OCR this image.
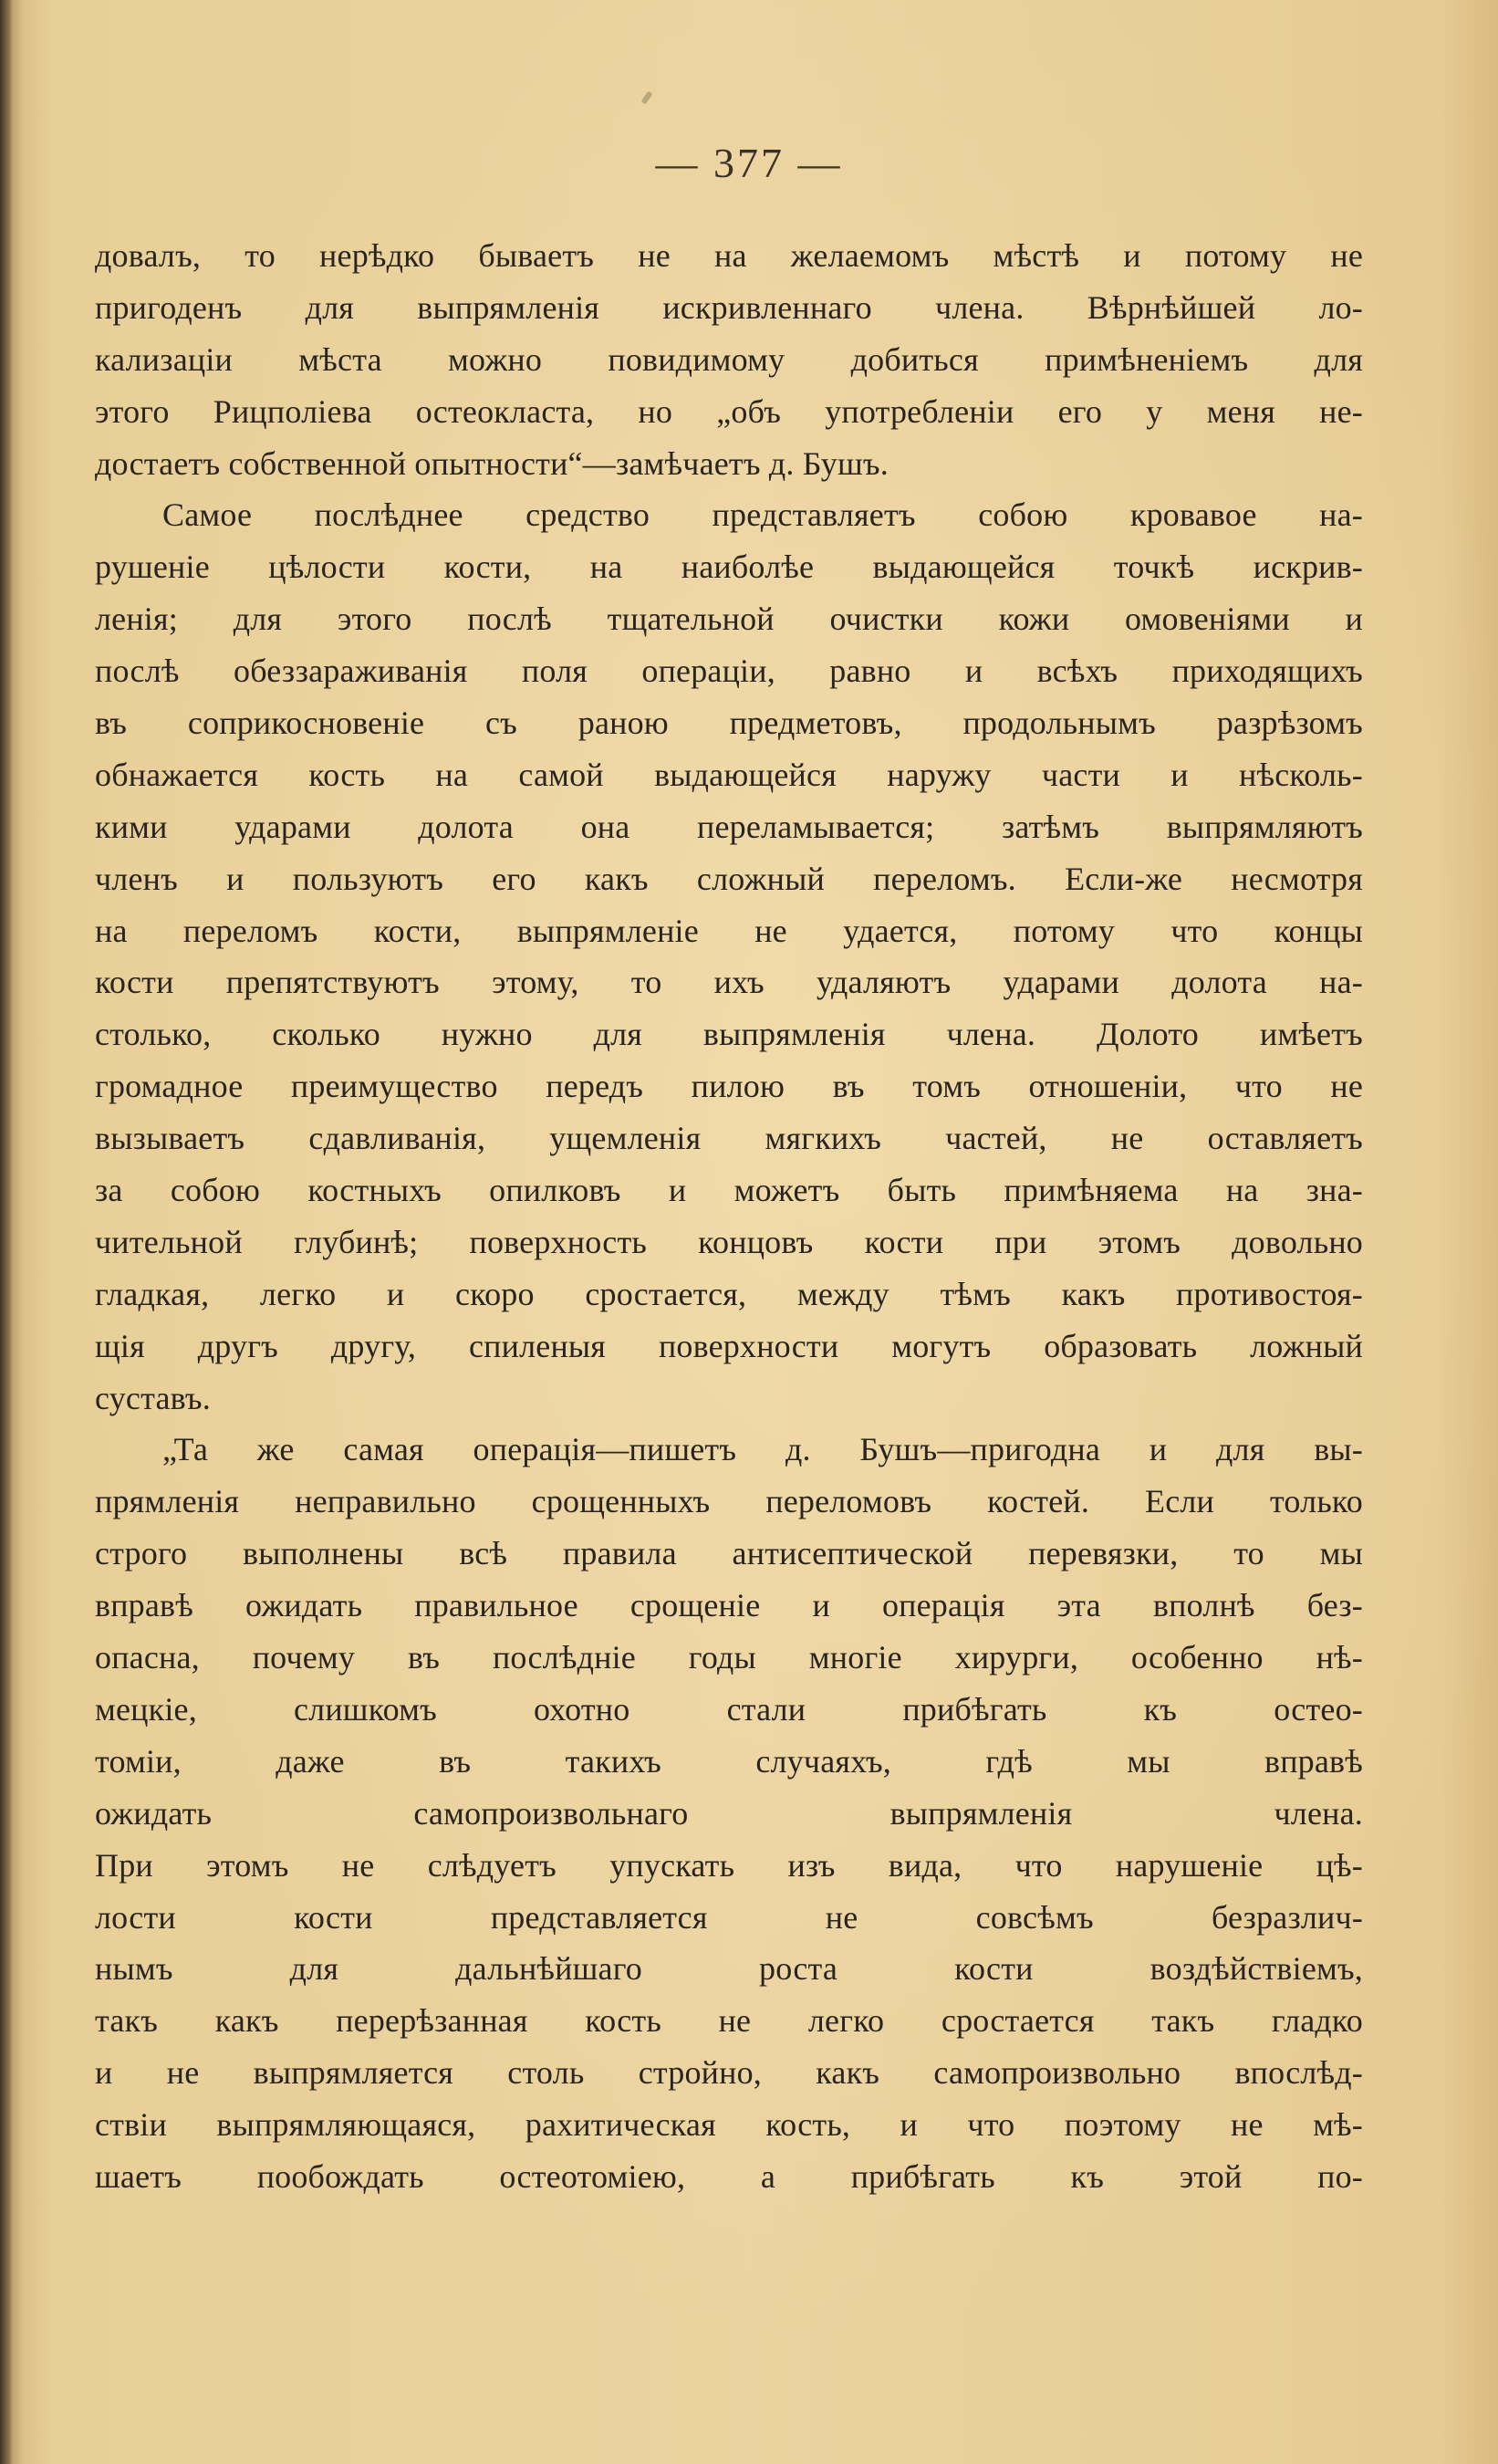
— 377 —
довалъ, то нерѣдко бываетъ не на желаемомъ мѣстѣ и потому не
пригоденъ для выпрямленія искривленнаго члена. Вѣрнѣйшей ло-
кализаціи мѣста можно повидимому добиться примѣненіемъ для
этого Рицполіева остеокласта, но „объ употребленіи его у меня не-
достаетъ собственной опытности“—замѣчаетъ д. Бушъ.
Самое послѣднее средство представляетъ собою кровавое на-
рушеніе цѣлости кости, на наиболѣе выдающейся точкѣ искрив-
ленія; для этого послѣ тщательной очистки кожи омовеніями и
послѣ обеззараживанія поля операціи, равно и всѣхъ приходящихъ
въ соприкосновеніе съ раною предметовъ, продольнымъ разрѣзомъ
обнажается кость на самой выдающейся наружу части и нѣсколь-
кими ударами долота она переламывается; затѣмъ выпрямляютъ
членъ и пользуютъ его какъ сложный переломъ. Если-же несмотря
на переломъ кости, выпрямленіе не удается, потому что концы
кости препятствуютъ этому, то ихъ удаляютъ ударами долота на-
столько, сколько нужно для выпрямленія члена. Долото имѣетъ
громадное преимущество передъ пилою въ томъ отношеніи, что не
вызываетъ сдавливанія, ущемленія мягкихъ частей, не оставляетъ
за собою костныхъ опилковъ и можетъ быть примѣняема на зна-
чительной глубинѣ; поверхность концовъ кости при этомъ довольно
гладкая, легко и скоро сростается, между тѣмъ какъ противостоя-
щія другъ другу, спиленыя поверхности могутъ образовать ложный
суставъ.
„Та же самая операція—пишетъ д. Бушъ—пригодна и для вы-
прямленія неправильно срощенныхъ переломовъ костей. Если только
строго выполнены всѣ правила антисептической перевязки, то мы
вправѣ ожидать правильное срощеніе и операція эта вполнѣ без-
опасна, почему въ послѣдніе годы многіе хирурги, особенно нѣ-
мецкіе, слишкомъ охотно стали прибѣгать къ остео-
томіи, даже въ такихъ случаяхъ, гдѣ мы вправѣ
ожидать самопроизвольнаго выпрямленія члена.
При этомъ не слѣдуетъ упускать изъ вида, что нарушеніе цѣ-
лости кости представляется не совсѣмъ безразлич-
нымъ для дальнѣйшаго роста кости воздѣйствіемъ,
такъ какъ перерѣзанная кость не легко сростается такъ гладко
и не выпрямляется столь стройно, какъ самопроизвольно впослѣд-
ствіи выпрямляющаяся, рахитическая кость, и что поэтому не мѣ-
шаетъ пообождать остеотоміею, а прибѣгать къ этой по-
